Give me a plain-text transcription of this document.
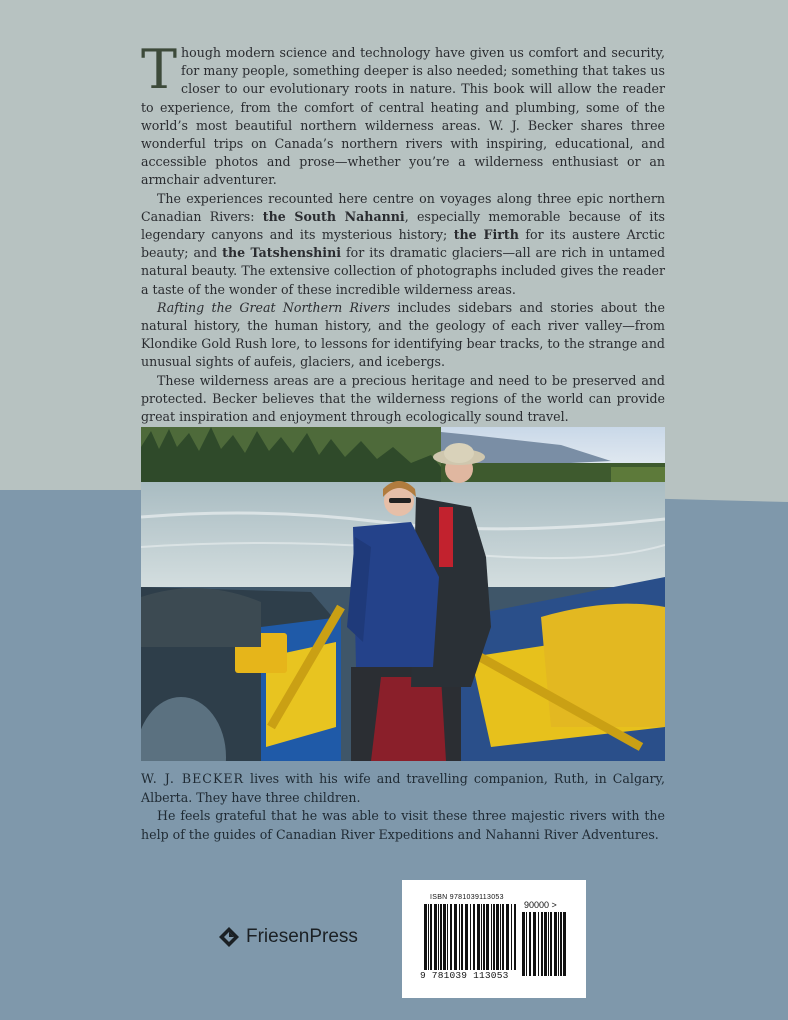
Though modern science and technology have given us comfort and security, for many people, something deeper is also needed; something that takes us closer to our evolutionary roots in nature. This book will allow the reader to experience, from the comfort of central heating and plumbing, some of the world’s most beautiful northern wilderness areas. W. J. Becker shares three wonderful trips on Canada’s northern rivers with inspiring, educational, and accessible photos and prose—whether you’re a wilderness enthusiast or an armchair adventurer.

The experiences recounted here centre on voyages along three epic northern Canadian Rivers: the South Nahanni, especially memorable because of its legendary canyons and its mysterious history; the Firth for its austere Arctic beauty; and the Tatshenshini for its dramatic glaciers—all are rich in untamed natural beauty. The extensive collection of photographs included gives the reader a taste of the wonder of these incredible wilderness areas.

Rafting the Great Northern Rivers includes sidebars and stories about the natural history, the human history, and the geology of each river valley—from Klondike Gold Rush lore, to lessons for identifying bear tracks, to the strange and unusual sights of aufeis, glaciers, and icebergs.

These wilderness areas are a precious heritage and need to be preserved and protected. Becker believes that the wilderness regions of the world can provide great inspiration and enjoyment through ecologically sound travel.

W. J. BECKER lives with his wife and travelling companion, Ruth, in Calgary, Alberta. They have three children.

He feels grateful that he was able to visit these three majestic rivers with the help of the guides of Canadian River Expeditions and Nahanni River Adventures.

FriesenPress
ISBN 9781039113053
90000 >
9 781039 113053
